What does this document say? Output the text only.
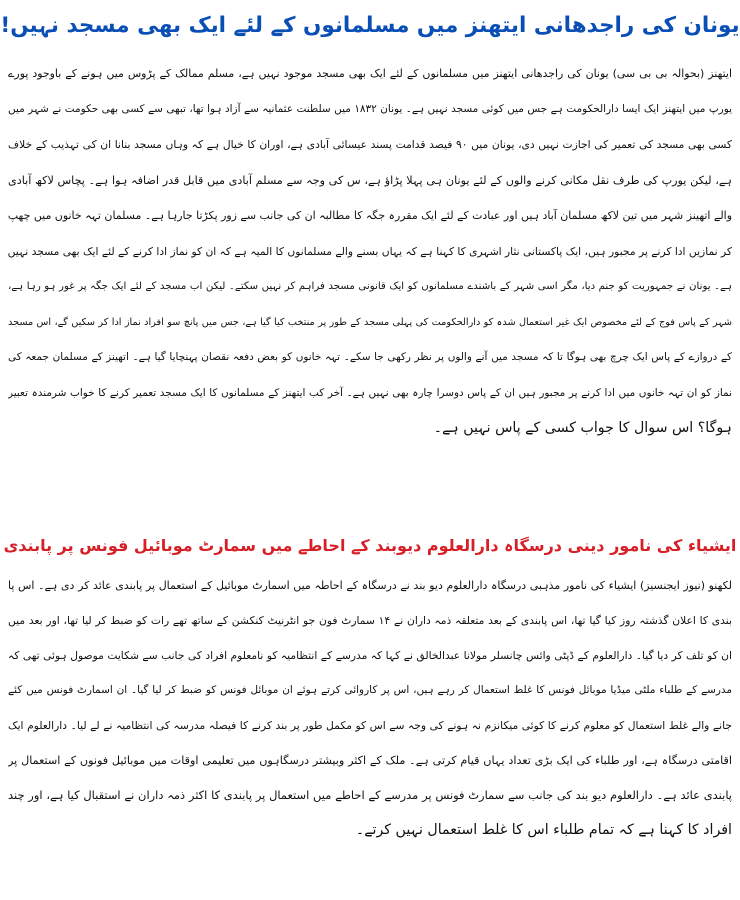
یونان کی راجدھانی ایتھنز میں مسلمانوں کے لئے ایک بھی مسجد نہیں!
ایتھنز (بحوالہ بی بی سی) یونان کی راجدھانی ایتھنز میں مسلمانوں کے لئے ایک بھی مسجد موجود نہیں ہے، مسلم ممالک کے پڑوس میں ہونے کے باوجود پورے
یورپ میں ایتھنز ایک ایسا دارالحکومت ہے جس میں کوئی مسجد نہیں ہے۔ یونان ۱۸۳۲ میں سلطنت عثمانیہ سے آزاد ہوا تھا، تبھی سے کسی بھی حکومت نے شہر میں
کسی بھی مسجد کی تعمیر کی اجازت نہیں دی، یونان میں ۹۰ فیصد قدامت پسند عیسائی آبادی ہے، اوران کا خیال ہے کہ وہاں مسجد بنانا ان کی تہذیب کے خلاف
ہے، لیکن یورپ کی طرف نقل مکانی کرنے والوں کے لئے یونان ہی پہلا پڑاؤ ہے، س کی وجہ سے مسلم آبادی میں قابل قدر اضافہ ہوا ہے۔ پچاس لاکھ آبادی
والے اتھینز شہر میں تین لاکھ مسلمان آباد ہیں اور عبادت کے لئے ایک مقررہ جگہ کا مطالبہ ان کی جانب سے زور پکڑتا جارہا ہے۔ مسلمان تہہ خانوں میں چھپ
کر نمازیں ادا کرنے پر مجبور ہیں، ایک پاکستانی نثار اشہری کا کہنا ہے کہ یہاں بسنے والے مسلمانوں کا المیہ ہے کہ ان کو نماز ادا کرنے کے لئے ایک بھی مسجد نہیں
ہے۔ یونان نے جمہوریت کو جنم دیا، مگر اسی شہر کے باشندے مسلمانوں کو ایک قانونی مسجد فراہم کر نہیں سکتے۔ لیکن اب مسجد کے لئے ایک جگہ پر غور ہو رہا ہے،
شہر کے پاس فوج کے لئے مخصوص ایک غیر استعمال شدہ کو دارالحکومت کی پہلی مسجد کے طور پر منتخب کیا گیا ہے، جس میں پانچ سو افراد نماز ادا کر سکیں گے، اس مسجد
کے دروازے کے پاس ایک چرچ بھی ہوگا تا کہ مسجد میں آنے والوں پر نظر رکھی جا سکے۔ تہہ خانوں کو بعض دفعہ نقصان پہنچایا گیا ہے۔ اتھینز کے مسلمان جمعہ کی
نماز کو ان تہہ خانوں میں ادا کرنے پر مجبور ہیں ان کے پاس دوسرا چارہ بھی نہیں ہے۔ آخر کب ایتھنز کے مسلمانوں کا ایک مسجد تعمیر کرنے کا خواب شرمندہ تعبیر
ہوگا؟ اس سوال کا جواب کسی کے پاس نہیں ہے۔
ایشیاء کی نامور دینی درسگاہ دارالعلوم دیوبند کے احاطے میں سمارٹ موبائیل فونس پر پابندی
لکھنو (نیوز ایجنسیز) ایشیاء کی نامور مذہبی درسگاہ دارالعلوم دیو بند نے درسگاہ کے احاطہ میں اسمارٹ موبائیل کے استعمال پر پابندی عائد کر دی ہے۔ اس پا
بندی کا اعلان گذشتہ روز کیا گیا تھا، اس پابندی کے بعد متعلقہ ذمہ داران نے ۱۴ سمارٹ فون جو انٹرنیٹ کنکشن کے ساتھ تھے رات کو ضبط کر لیا تھا، اور بعد میں
ان کو تلف کر دیا گیا۔ دارالعلوم کے ڈپٹی وائس چانسلر مولانا عبدالخالق نے کہا کہ مدرسے کے انتظامیہ کو نامعلوم افراد کی جانب سے شکایت موصول ہوئی تھی کہ
مدرسے کے طلباء ملٹی میڈیا موبائل فونس کا غلط استعمال کر رہے ہیں، اس پر کاروائی کرتے ہوئے ان موبائل فونس کو ضبط کر لیا گیا۔ ان اسمارٹ فونس میں کئے
جانے والے غلط استعمال کو معلوم کرنے کا کوئی میکانزم نہ ہونے کی وجہ سے اس کو مکمل طور پر بند کرنے کا فیصلہ مدرسہ کی انتظامیہ نے لے لیا۔ دارالعلوم ایک
اقامتی درسگاہ ہے، اور طلباء کی ایک بڑی تعداد یہاں قیام کرتی ہے۔ ملک کے اکثر وبیشتر درسگاہوں میں تعلیمی اوقات میں موبائیل فونوں کے استعمال پر
پابندی عائد ہے۔ دارالعلوم دیو بند کی جانب سے سمارٹ فونس پر مدرسے کے احاطے میں استعمال پر پابندی کا اکثر ذمہ داران نے استقبال کیا ہے، اور چند
افراد کا کہنا ہے کہ تمام طلباء اس کا غلط استعمال نہیں کرتے۔
